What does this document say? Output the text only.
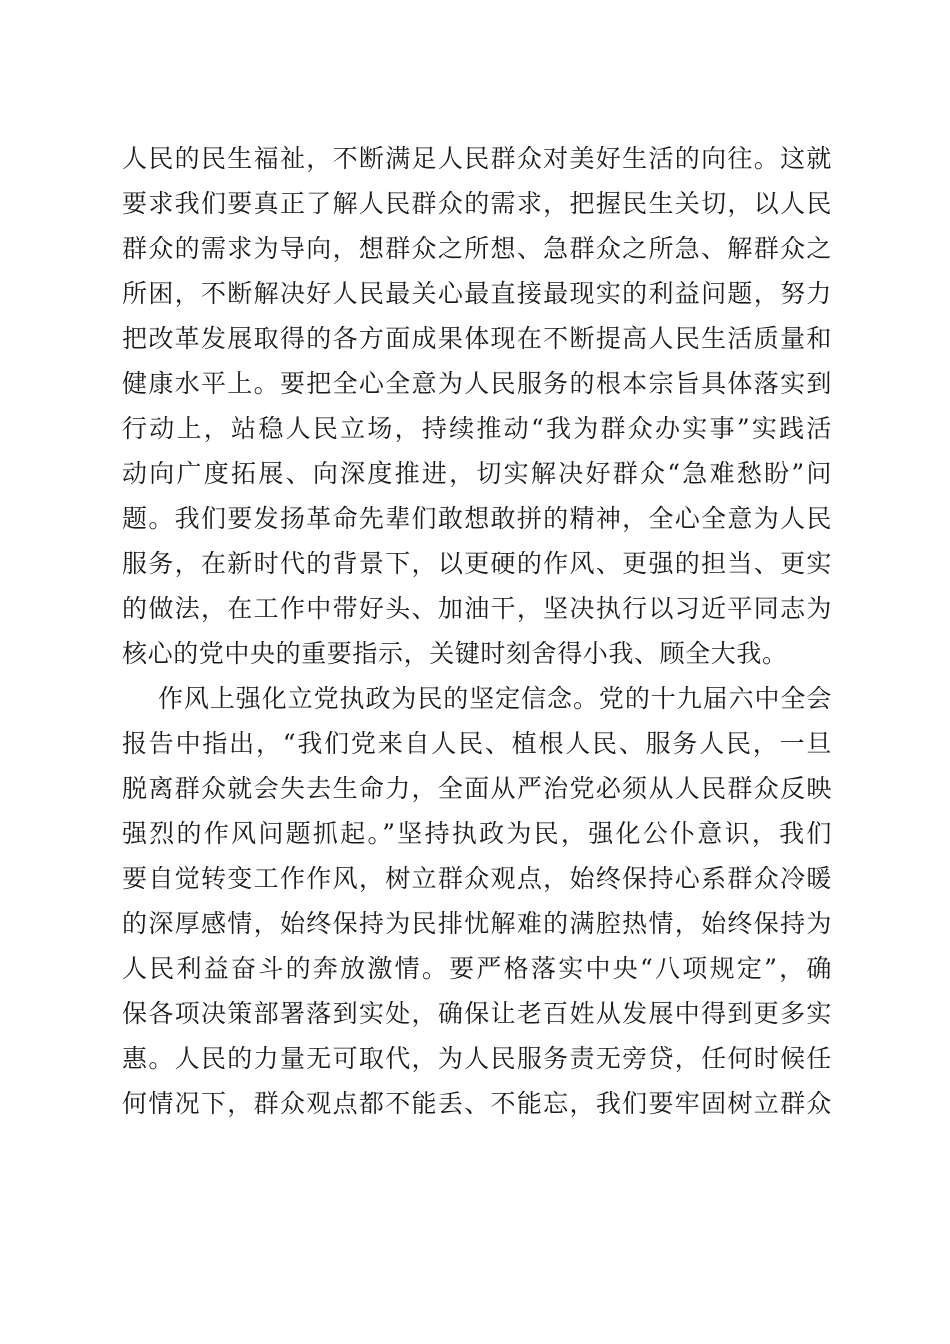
人民的民生福祉，不断满足人民群众对美好生活的向往。这就
要求我们要真正了解人民群众的需求，把握民生关切，以人民
群众的需求为导向，想群众之所想、急群众之所急、解群众之
所困，不断解决好人民最关心最直接最现实的利益问题，努力
把改革发展取得的各方面成果体现在不断提高人民生活质量和
健康水平上。要把全心全意为人民服务的根本宗旨具体落实到
行动上，站稳人民立场，持续推动“我为群众办实事”实践活
动向广度拓展、向深度推进，切实解决好群众“急难愁盼”问
题。我们要发扬革命先辈们敢想敢拼的精神，全心全意为人民
服务，在新时代的背景下，以更硬的作风、更强的担当、更实
的做法，在工作中带好头、加油干，坚决执行以习近平同志为
核心的党中央的重要指示，关键时刻舍得小我、顾全大我。
作风上强化立党执政为民的坚定信念。党的十九届六中全会
报告中指出，“我们党来自人民、植根人民、服务人民，一旦
脱离群众就会失去生命力，全面从严治党必须从人民群众反映
强烈的作风问题抓起。”坚持执政为民，强化公仆意识，我们
要自觉转变工作作风，树立群众观点，始终保持心系群众冷暖
的深厚感情，始终保持为民排忧解难的满腔热情，始终保持为
人民利益奋斗的奔放激情。要严格落实中央“八项规定”，确
保各项决策部署落到实处，确保让老百姓从发展中得到更多实
惠。人民的力量无可取代，为人民服务责无旁贷，任何时候任
何情况下，群众观点都不能丢、不能忘，我们要牢固树立群众
